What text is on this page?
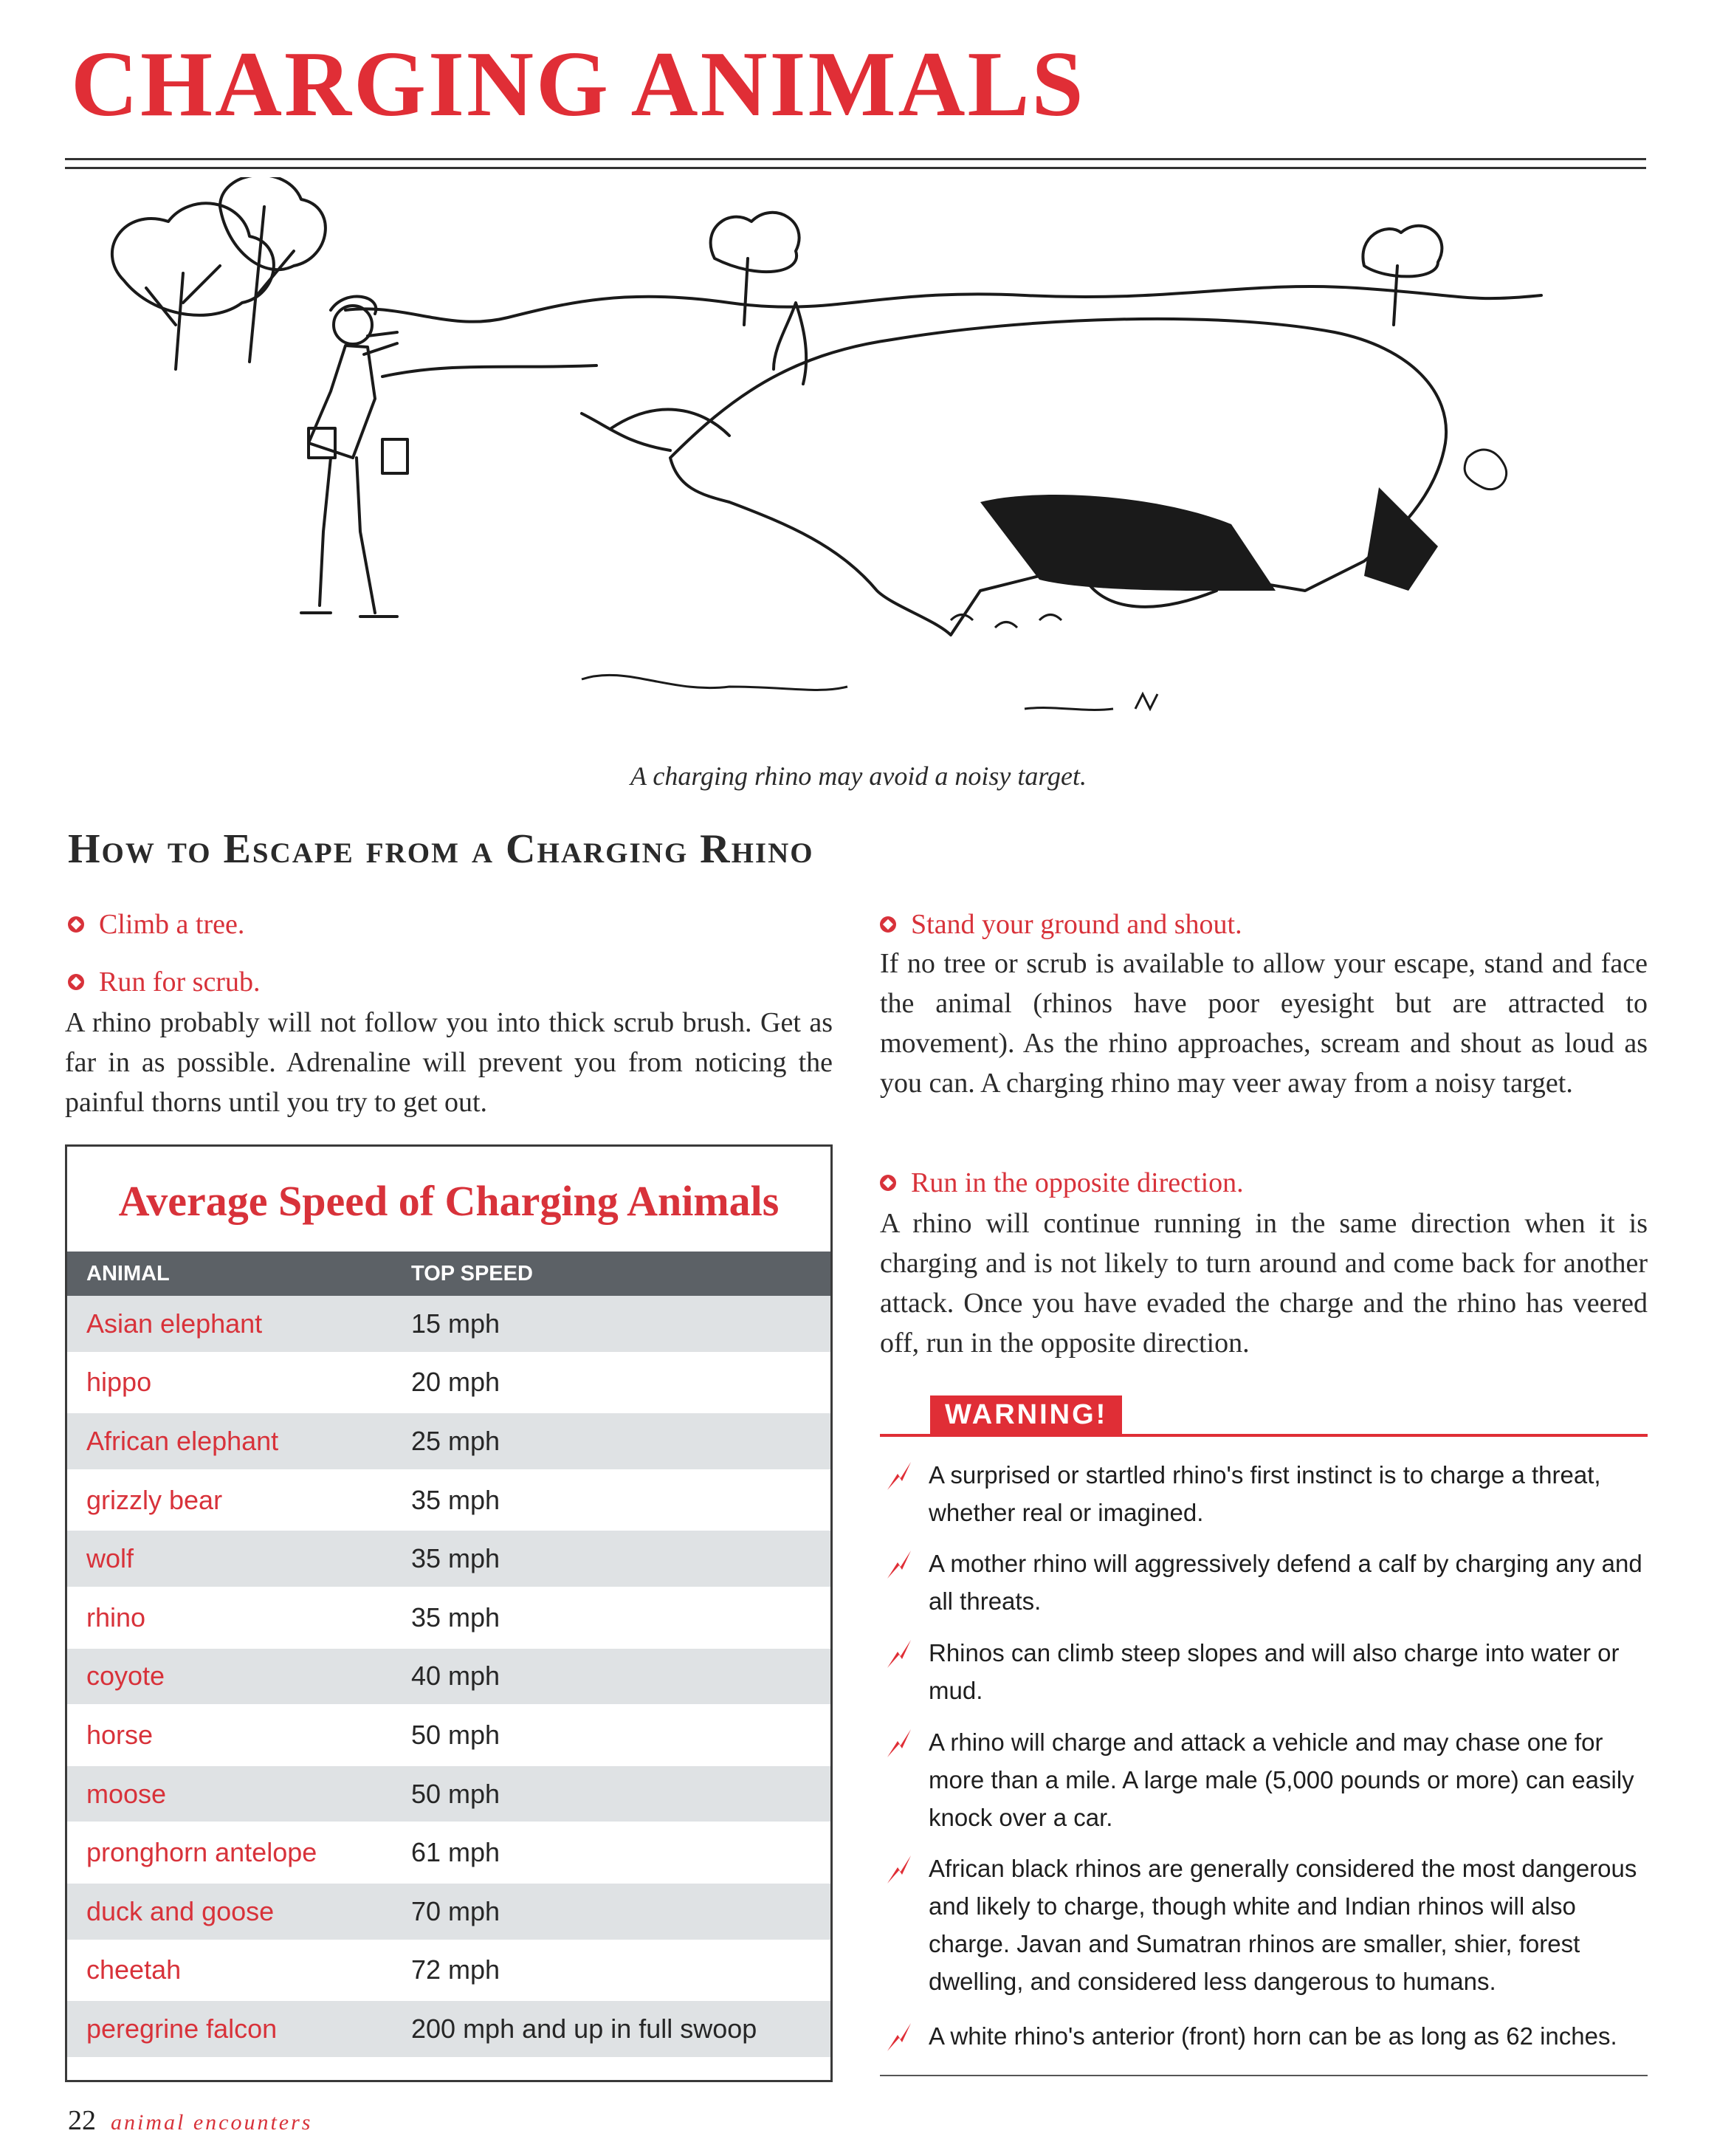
CHARGING ANIMALS
A charging rhino may avoid a noisy target.
How to Escape from a Charging Rhino
Climb a tree.
Run for scrub.

A rhino probably will not follow you into thick scrub brush. Get as far in as possible. Adrenaline will prevent you from noticing the painful thorns until you try to get out.

Stand your ground and shout.

If no tree or scrub is available to allow your escape, stand and face the animal (rhinos have poor eyesight but are attracted to movement). As the rhino approaches, scream and shout as loud as you can. A charging rhino may veer away from a noisy target.

Run in the opposite direction.

A rhino will continue running in the same direction when it is charging and is not likely to turn around and come back for another attack. Once you have evaded the charge and the rhino has veered off, run in the opposite direction.

Average Speed of Charging Animals
ANIMAL	TOP SPEED
Asian elephant	15 mph
hippo	20 mph
African elephant	25 mph
grizzly bear	35 mph
wolf	35 mph
rhino	35 mph
coyote	40 mph
horse	50 mph
moose	50 mph
pronghorn antelope	61 mph
duck and goose	70 mph
cheetah	72 mph
peregrine falcon	200 mph and up in full swoop
WARNING!
A surprised or startled rhino's first instinct is to charge a threat, whether real or imagined.
A mother rhino will aggressively defend a calf by charging any and all threats.
Rhinos can climb steep slopes and will also charge into water or mud.
A rhino will charge and attack a vehicle and may chase one for more than a mile. A large male (5,000 pounds or more) can easily knock over a car.
African black rhinos are generally considered the most dangerous and likely to charge, though white and Indian rhinos will also charge. Javan and Sumatran rhinos are smaller, shier, forest dwelling, and considered less dangerous to humans.
A white rhino's anterior (front) horn can be as long as 62 inches.
22 animal encounters
